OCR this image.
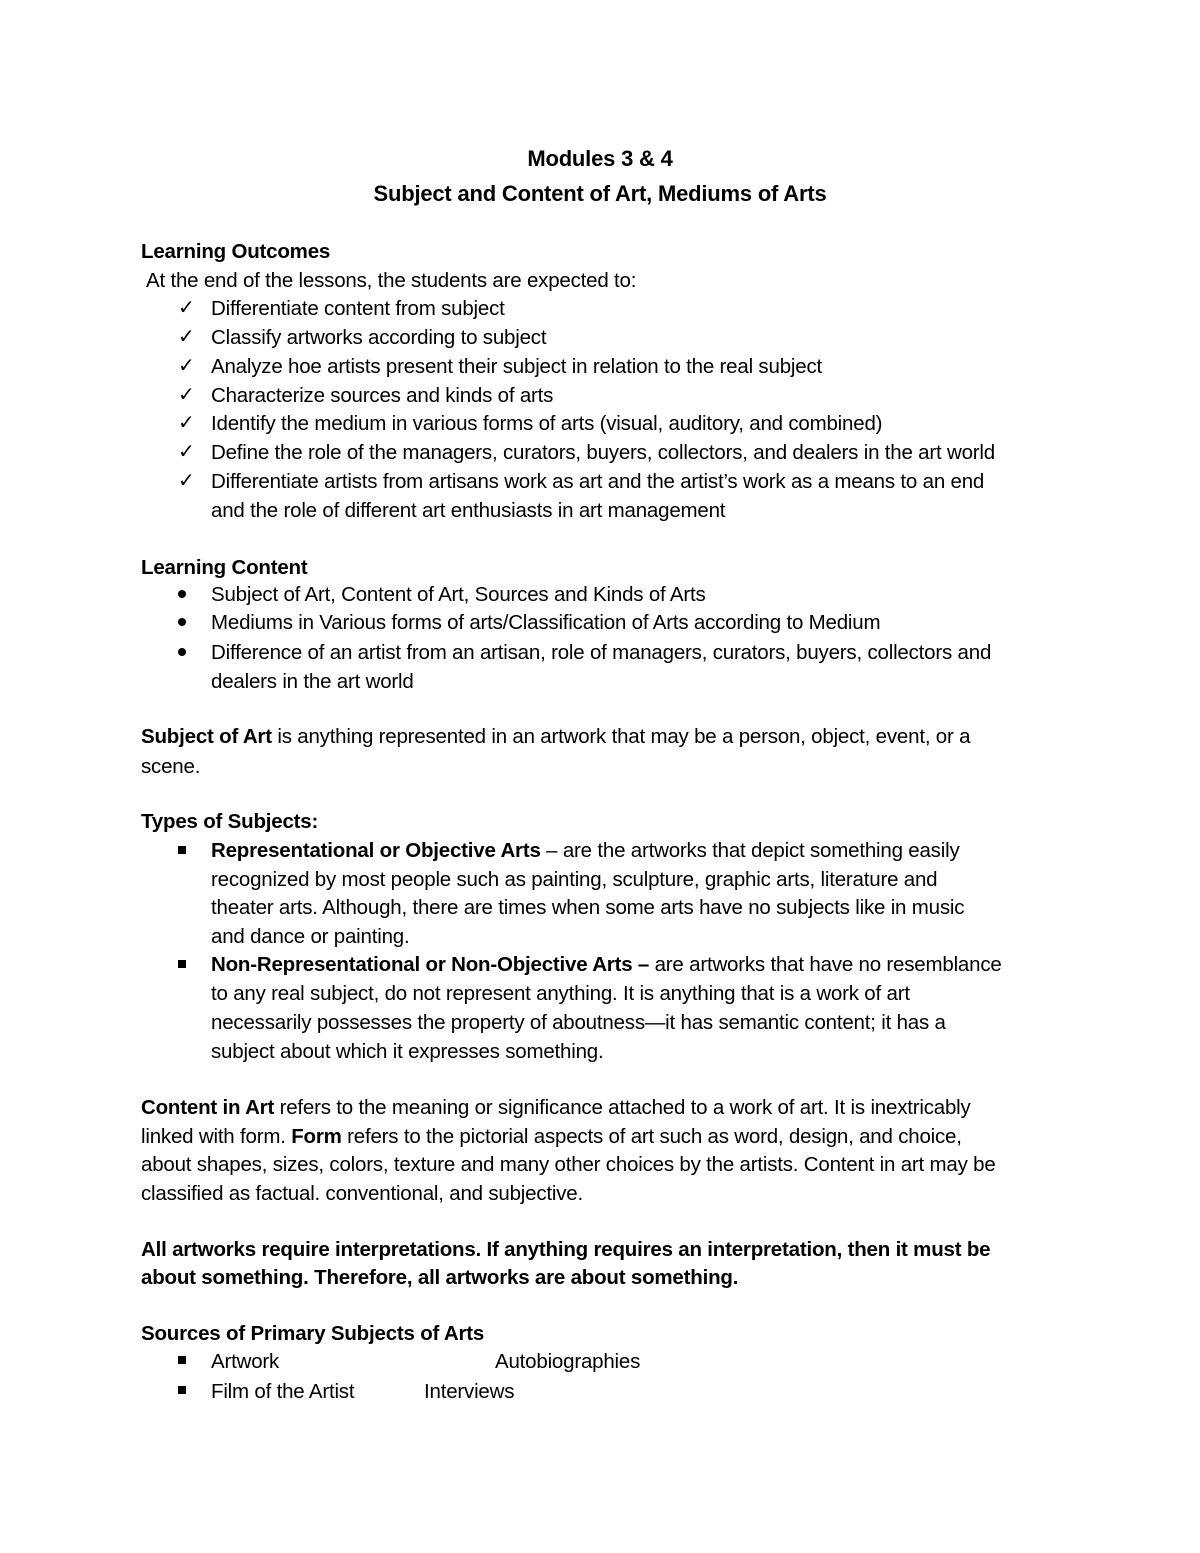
Modules 3 & 4
Subject and Content of Art, Mediums of Arts
Learning Outcomes
At the end of the lessons, the students are expected to:
✓ Differentiate content from subject
✓ Classify artworks according to subject
✓ Analyze hoe artists present their subject in relation to the real subject
✓ Characterize sources and kinds of arts
✓ Identify the medium in various forms of arts (visual, auditory, and combined)
✓ Define the role of the managers, curators, buyers, collectors, and dealers in the art world
✓ Differentiate artists from artisans work as art and the artist’s work as a means to an end
and the role of different art enthusiasts in art management
Learning Content
Subject of Art, Content of Art, Sources and Kinds of Arts
Mediums in Various forms of arts/Classification of Arts according to Medium
Difference of an artist from an artisan, role of managers, curators, buyers, collectors and
dealers in the art world
Subject of Art is anything represented in an artwork that may be a person, object, event, or a
scene.
Types of Subjects:
Representational or Objective Arts – are the artworks that depict something easily
recognized by most people such as painting, sculpture, graphic arts, literature and
theater arts. Although, there are times when some arts have no subjects like in music
and dance or painting.
Non-Representational or Non-Objective Arts – are artworks that have no resemblance
to any real subject, do not represent anything. It is anything that is a work of art
necessarily possesses the property of aboutness—it has semantic content; it has a
subject about which it expresses something.
Content in Art refers to the meaning or significance attached to a work of art. It is inextricably
linked with form. Form refers to the pictorial aspects of art such as word, design, and choice,
about shapes, sizes, colors, texture and many other choices by the artists. Content in art may be
classified as factual. conventional, and subjective.
All artworks require interpretations. If anything requires an interpretation, then it must be
about something. Therefore, all artworks are about something.
Sources of Primary Subjects of Arts
Artwork	Autobiographies
Film of the Artist	Interviews
